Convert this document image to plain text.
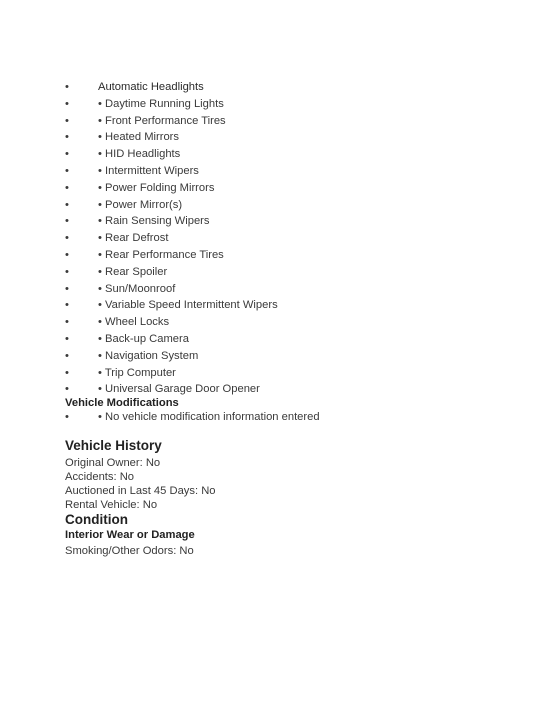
•	Automatic Headlights
•	• Daytime Running Lights
•	• Front Performance Tires
•	• Heated Mirrors
•	• HID Headlights
•	• Intermittent Wipers
•	• Power Folding Mirrors
•	• Power Mirror(s)
•	• Rain Sensing Wipers
•	• Rear Defrost
•	• Rear Performance Tires
•	• Rear Spoiler
•	• Sun/Moonroof
•	• Variable Speed Intermittent Wipers
•	• Wheel Locks
•	• Back-up Camera
•	• Navigation System
•	• Trip Computer
•	• Universal Garage Door Opener
Vehicle Modifications
•	• No vehicle modification information entered
Vehicle History
Original Owner: No
Accidents: No
Auctioned in Last 45 Days: No
Rental Vehicle: No
Condition
Interior Wear or Damage
Smoking/Other Odors: No
